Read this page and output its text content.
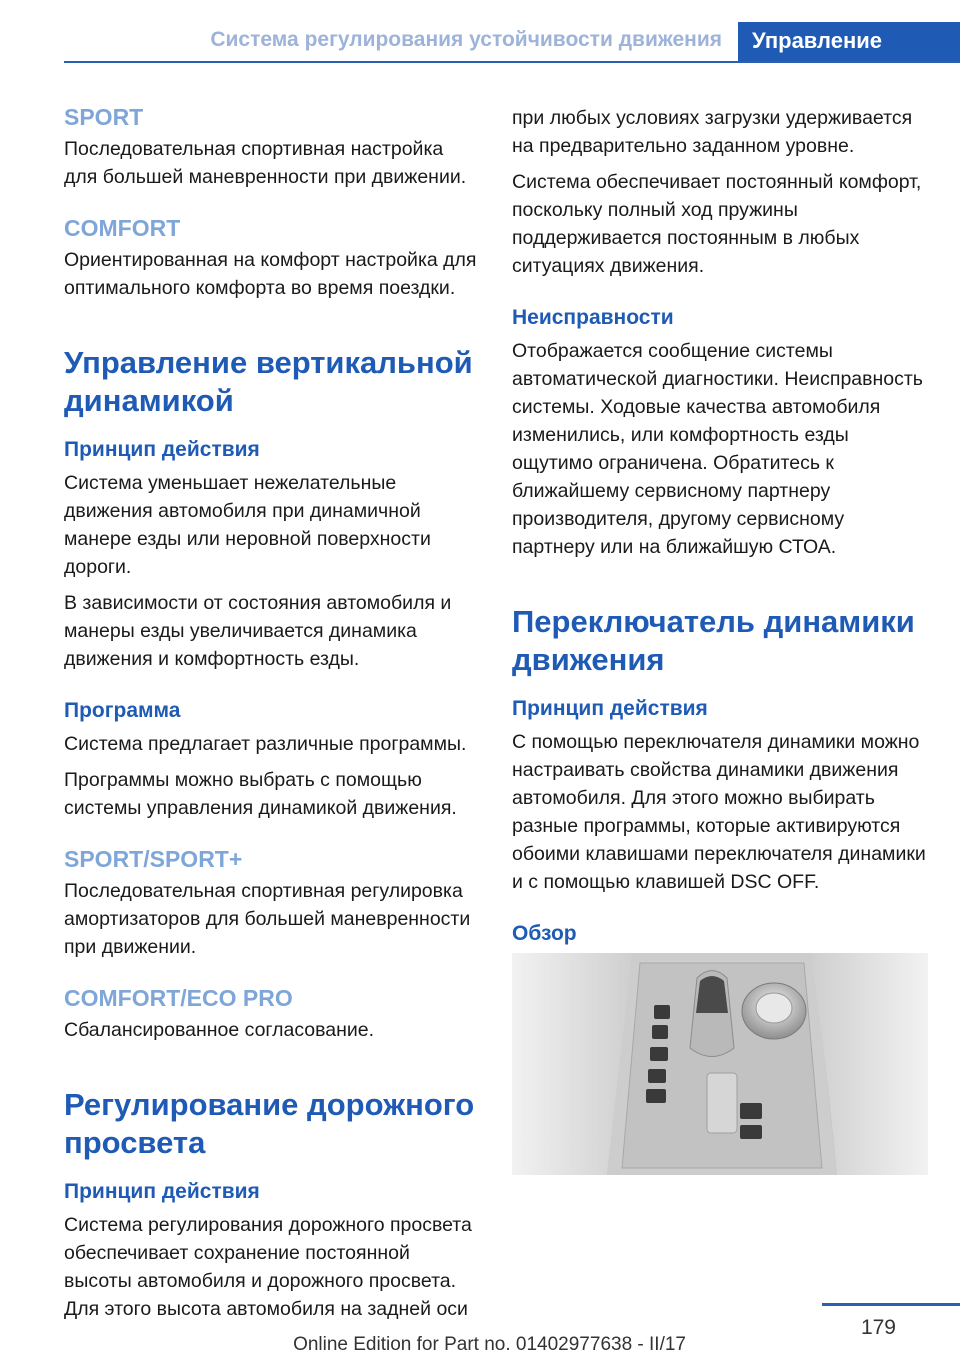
Система регулирования устойчивости движения Управление
SPORT
Последовательная спортивная настройка для большей маневренности при движении.
COMFORT
Ориентированная на комфорт настройка для оптимального комфорта во время поездки.
Управление вертикальной динамикой
Принцип действия
Система уменьшает нежелательные движения автомобиля при динамичной манере езды или неровной поверхности дороги.
В зависимости от состояния автомобиля и манеры езды увеличивается динамика движения и комфортность езды.
Программа
Система предлагает различные программы.
Программы можно выбрать с помощью системы управления динамикой движения.
SPORT/SPORT+
Последовательная спортивная регулировка амортизаторов для большей маневренности при движении.
COMFORT/ECO PRO
Сбалансированное согласование.
Регулирование дорожного просвета
Принцип действия
Система регулирования дорожного просвета обеспечивает сохранение постоянной высоты автомобиля и дорожного просвета. Для этого высота автомобиля на задней оси
при любых условиях загрузки удерживается на предварительно заданном уровне.
Система обеспечивает постоянный комфорт, поскольку полный ход пружины поддерживается постоянным в любых ситуациях движения.
Неисправности
Отображается сообщение системы автоматической диагностики. Неисправность системы. Ходовые качества автомобиля изменились, или комфортность езды ощутимо ограничена. Обратитесь к ближайшему сервисному партнеру производителя, другому сервисному партнеру или на ближайшую СТОА.
Переключатель динамики движения
Принцип действия
С помощью переключателя динамики можно настраивать свойства динамики движения автомобиля. Для этого можно выбирать разные программы, которые активируются обоими клавишами переключателя динамики и с помощью клавишей DSC OFF.
Обзор
179
Online Edition for Part no. 01402977638 - II/17
